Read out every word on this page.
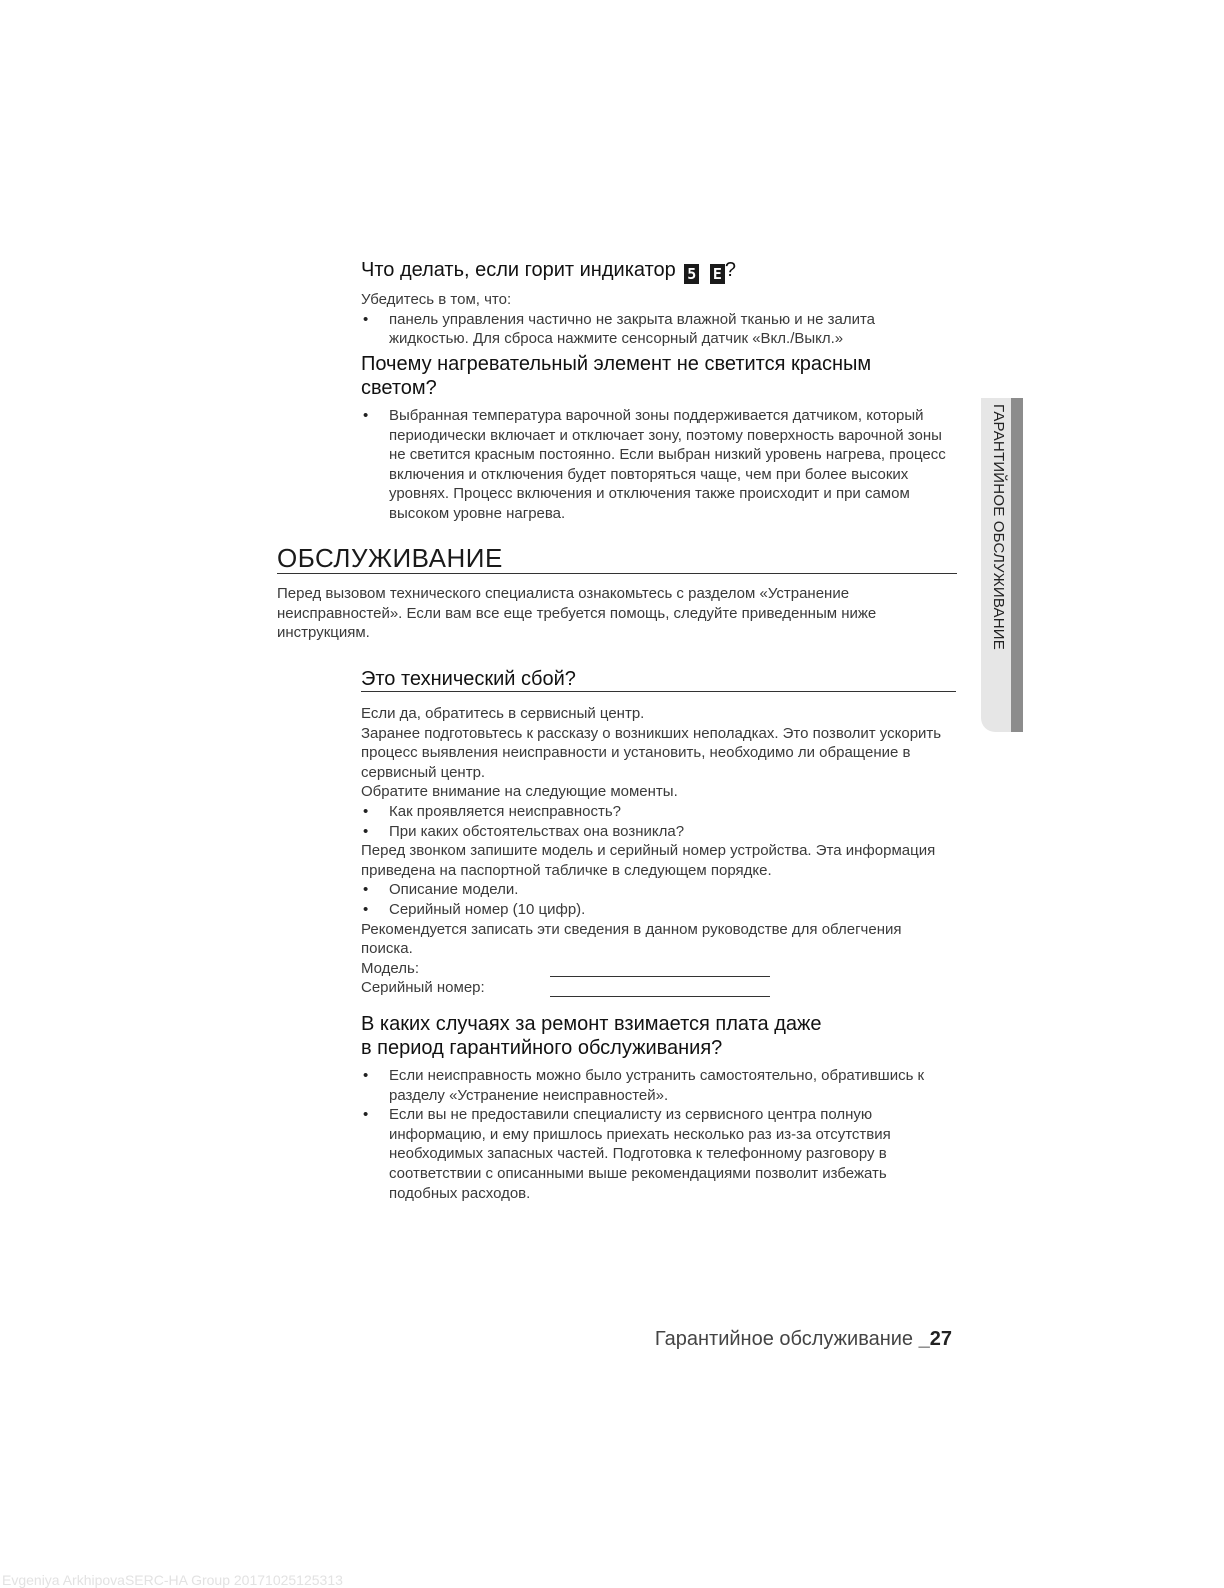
Что делать, если горит индикатор 5 E ?

Убедитесь в том, что:

• панель управления частично не закрыта влажной тканью и не залита жидкостью. Для сброса нажмите сенсорный датчик «Вкл./Выкл.»
Почему нагревательный элемент не светится красным
светом?
• Выбранная температура варочной зоны поддерживается датчиком, который периодически включает и отключает зону, поэтому поверхность варочной зоны не светится красным постоянно. Если выбран низкий уровень нагрева, процесс включения и отключения будет повторяться чаще, чем при более высоких уровнях. Процесс включения и отключения также происходит и при самом высоком уровне нагрева.
ОБСЛУЖИВАНИЕ

Перед вызовом технического специалиста ознакомьтесь с разделом «Устранение неисправностей». Если вам все еще требуется помощь, следуйте приведенным ниже инструкциям.

Это технический сбой?

Если да, обратитесь в сервисный центр.

Заранее подготовьтесь к рассказу о возникших неполадках. Это позволит ускорить процесс выявления неисправности и установить, необходимо ли обращение в сервисный центр.

Обратите внимание на следующие моменты.

• Как проявляется неисправность?
• При каких обстоятельствах она возникла?

Перед звонком запишите модель и серийный номер устройства. Эта информация приведена на паспортной табличке в следующем порядке.

• Описание модели.
• Серийный номер (10 цифр).

Рекомендуется записать эти сведения в данном руководстве для облегчения поиска.

Модель:

Серийный номер:

В каких случаях за ремонт взимается плата даже
в период гарантийного обслуживания?
• Если неисправность можно было устранить самостоятельно, обратившись к разделу «Устранение неисправностей».
• Если вы не предоставили специалисту из сервисного центра полную информацию, и ему пришлось приехать несколько раз из-за отсутствия необходимых запасных частей. Подготовка к телефонному разговору в соответствии с описанными выше рекомендациями позволит избежать подобных расходов.
ГАРАНТИЙНОЕ ОБСЛУЖИВАНИЕ
Гарантийное обслуживание _27
Evgeniya ArkhipovaSERC-HA Group 20171025125313
